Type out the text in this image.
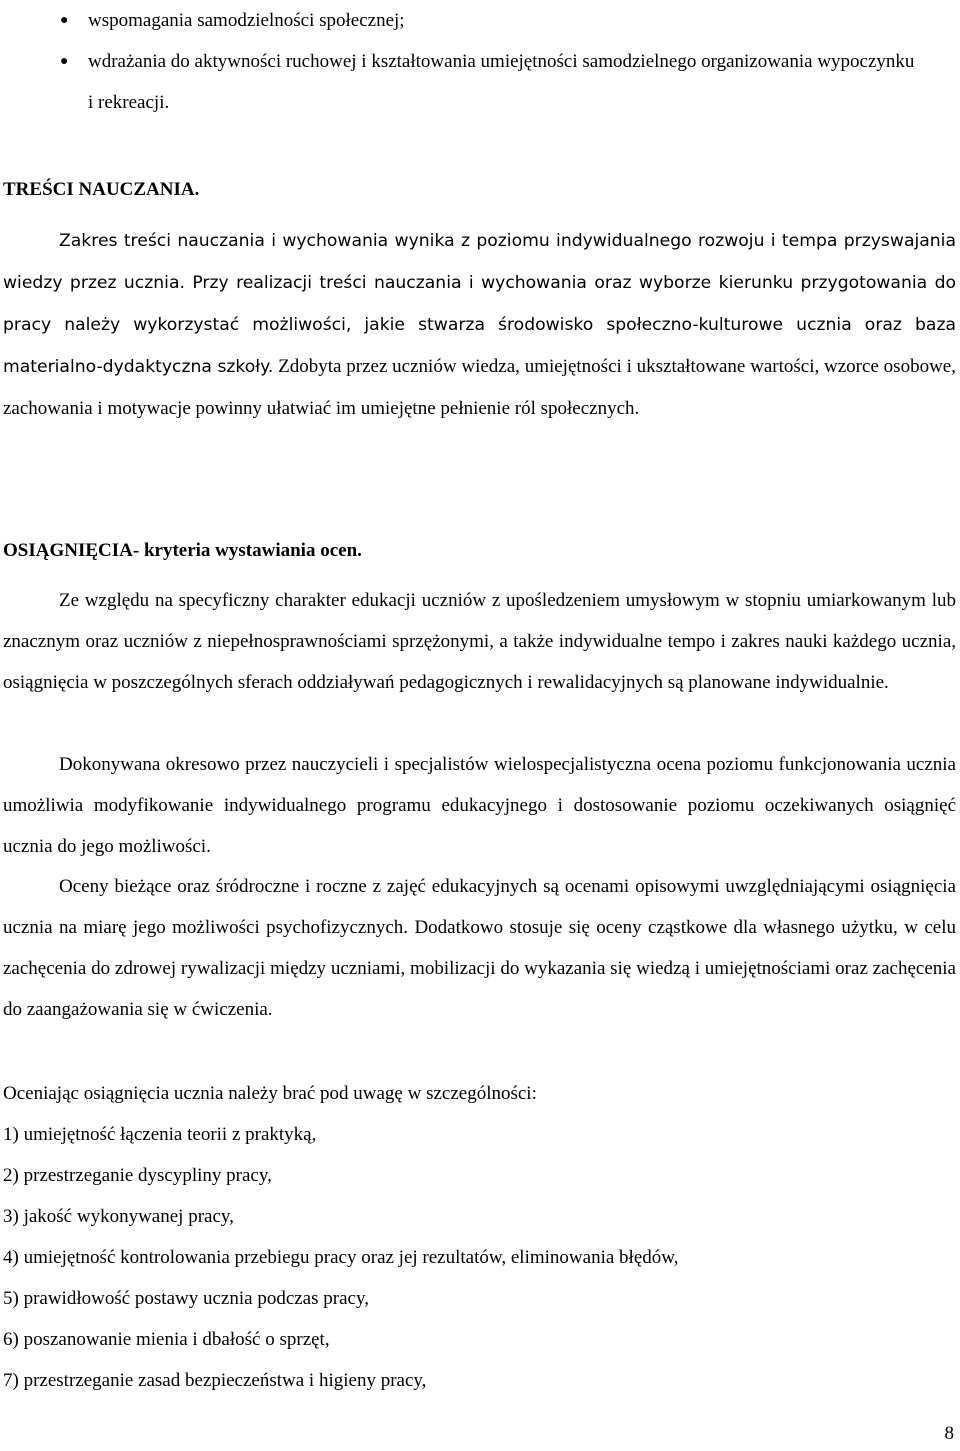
● wspomagania samodzielności społecznej;
● wdrażania do aktywności ruchowej i kształtowania umiejętności samodzielnego organizowania wypoczynku i rekreacji.

TREŚCI NAUCZANIA.

Zakres treści nauczania i wychowania wynika z poziomu indywidualnego rozwoju i tempa przyswajania wiedzy przez ucznia. Przy realizacji treści nauczania i wychowania oraz wyborze kierunku przygotowania do pracy należy wykorzystać możliwości, jakie stwarza środowisko społeczno-kulturowe ucznia oraz baza materialno-dydaktyczna szkoły. Zdobyta przez uczniów wiedza, umiejętności i ukształtowane wartości, wzorce osobowe, zachowania i motywacje powinny ułatwiać im umiejętne pełnienie ról społecznych.

OSIĄGNIĘCIA- kryteria wystawiania ocen.

Ze względu na specyficzny charakter edukacji uczniów z upośledzeniem umysłowym w stopniu umiarkowanym lub znacznym oraz uczniów z niepełnosprawnościami sprzężonymi, a także indywidualne tempo i zakres nauki każdego ucznia, osiągnięcia w poszczególnych sferach oddziaływań pedagogicznych i rewalidacyjnych są planowane indywidualnie.

Dokonywana okresowo przez nauczycieli i specjalistów wielospecjalistyczna ocena poziomu funkcjonowania ucznia umożliwia modyfikowanie indywidualnego programu edukacyjnego i dostosowanie poziomu oczekiwanych osiągnięć ucznia do jego możliwości.

Oceny bieżące oraz śródroczne i roczne z zajęć edukacyjnych są ocenami opisowymi uwzględniającymi osiągnięcia ucznia na miarę jego możliwości psychofizycznych. Dodatkowo stosuje się oceny cząstkowe dla własnego użytku, w celu zachęcenia do zdrowej rywalizacji między uczniami, mobilizacji do wykazania się wiedzą i umiejętnościami oraz zachęcenia do zaangażowania się w ćwiczenia.

Oceniając osiągnięcia ucznia należy brać pod uwagę w szczególności:

1) umiejętność łączenia teorii z praktyką,
2) przestrzeganie dyscypliny pracy,
3) jakość wykonywanej pracy,
4) umiejętność kontrolowania przebiegu pracy oraz jej rezultatów, eliminowania błędów,
5) prawidłowość postawy ucznia podczas pracy,
6) poszanowanie mienia i dbałość o sprzęt,
7) przestrzeganie zasad bezpieczeństwa i higieny pracy,
8
